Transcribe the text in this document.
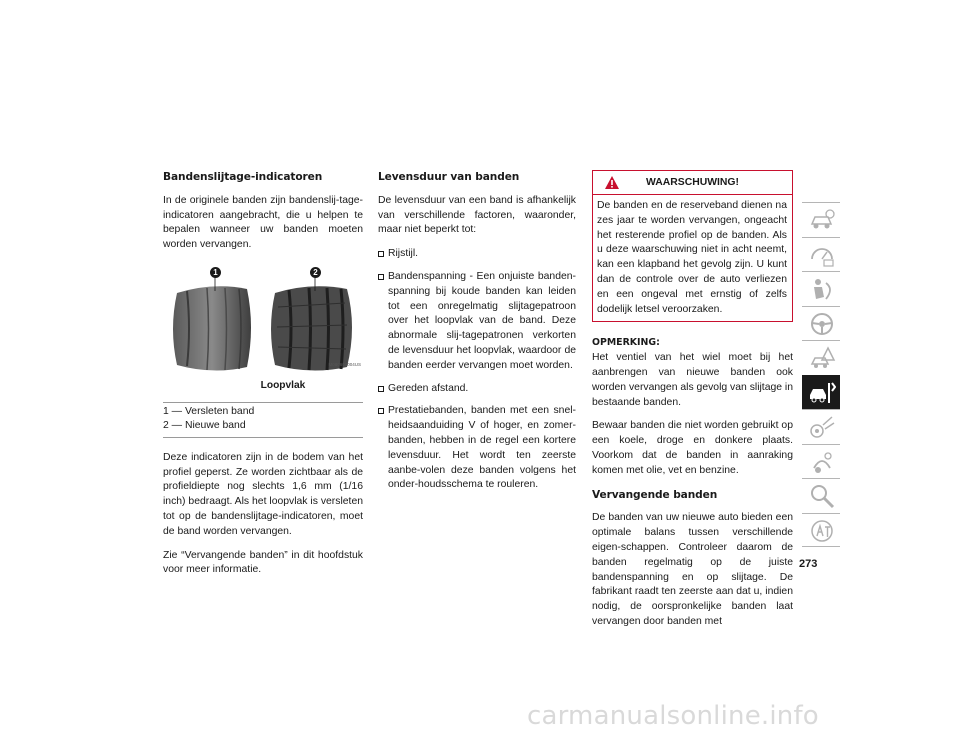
Bandenslijtage-indicatoren

In de originele banden zijn bandenslij-tage-indicatoren aangebracht, die u helpen te bepalen wanneer uw banden moeten worden vervangen.

1	2
M080600004US
Loopvlak
1 — Versleten band
2 — Nieuwe band

Deze indicatoren zijn in de bodem van het profiel geperst. Ze worden zichtbaar als de profieldiepte nog slechts 1,6 mm (1/16 inch) bedraagt. Als het loopvlak is versleten tot op de bandenslijtage-indicatoren, moet de band worden vervangen.

Zie “Vervangende banden” in dit hoofdstuk voor meer informatie.

Levensduur van banden

De levensduur van een band is afhankelijk van verschillende factoren, waaronder, maar niet beperkt tot:

Rijstijl.
Bandenspanning - Een onjuiste banden-spanning bij koude banden kan leiden tot een onregelmatig slijtagepatroon over het loopvlak van de band. Deze abnormale slij-tagepatronen verkorten de levensduur het loopvlak, waardoor de banden eerder vervangen moet worden.
Gereden afstand.
Prestatiebanden, banden met een snel-heidsaanduiding V of hoger, en zomer-banden, hebben in de regel een kortere levensduur. Het wordt ten zeerste aanbe-volen deze banden volgens het onder-houdsschema te rouleren.
WAARSCHUWING!
De banden en de reserveband dienen na zes jaar te worden vervangen, ongeacht het resterende profiel op de banden. Als u deze waarschuwing niet in acht neemt, kan een klapband het gevolg zijn. U kunt dan de controle over de auto verliezen en een ongeval met ernstig of zelfs dodelijk letsel veroorzaken.
OPMERKING:

Het ventiel van het wiel moet bij het aanbrengen van nieuwe banden ook worden vervangen als gevolg van slijtage in bestaande banden.

Bewaar banden die niet worden gebruikt op een koele, droge en donkere plaats. Voorkom dat de banden in aanraking komen met olie, vet en benzine.

Vervangende banden

De banden van uw nieuwe auto bieden een optimale balans tussen verschillende eigen-schappen. Controleer daarom de banden regelmatig op de juiste bandenspanning en op slijtage. De fabrikant raadt ten zeerste aan dat u, indien nodig, de oorspronkelijke banden laat vervangen door banden met

273
carmanualsonline.info
